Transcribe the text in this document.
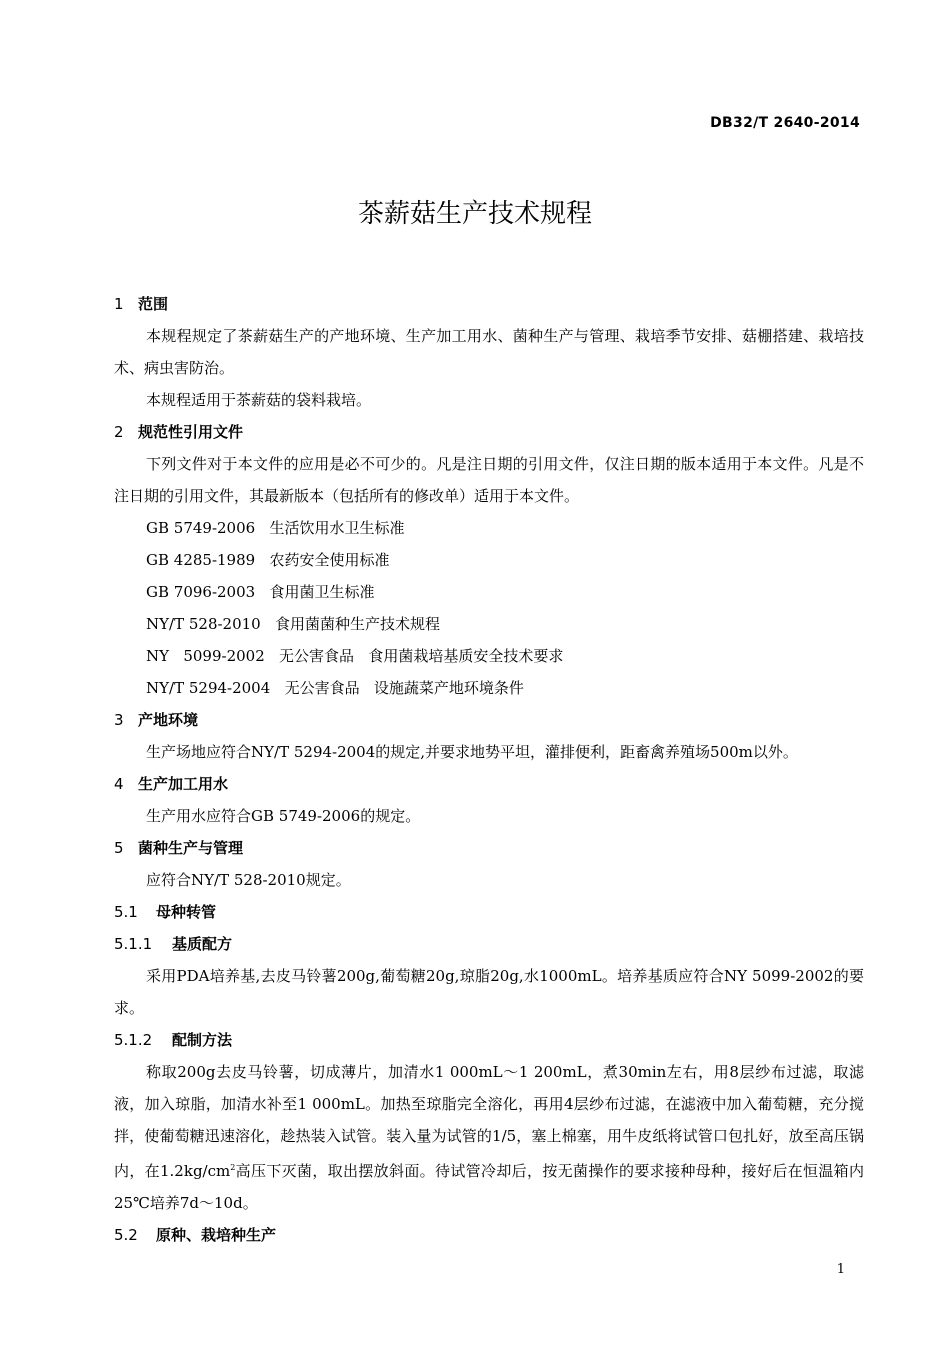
DB32/T 2640-2014
茶薪菇生产技术规程
1 范围
本规程规定了茶薪菇生产的产地环境、生产加工用水、菌种生产与管理、栽培季节安排、菇棚搭建、栽培技术、病虫害防治。
本规程适用于茶薪菇的袋料栽培。
2 规范性引用文件
下列文件对于本文件的应用是必不可少的。凡是注日期的引用文件，仅注日期的版本适用于本文件。凡是不注日期的引用文件，其最新版本（包括所有的修改单）适用于本文件。
GB 5749-2006   生活饮用水卫生标准
GB 4285-1989   农药安全使用标准
GB 7096-2003   食用菌卫生标准
NY/T 528-2010   食用菌菌种生产技术规程
NY   5099-2002   无公害食品   食用菌栽培基质安全技术要求
NY/T 5294-2004   无公害食品   设施蔬菜产地环境条件
3 产地环境
生产场地应符合NY/T 5294-2004的规定,并要求地势平坦，灌排便利，距畜禽养殖场500m以外。
4 生产加工用水
生产用水应符合GB 5749-2006的规定。
5 菌种生产与管理
应符合NY/T 528-2010规定。
5.1 母种转管
5.1.1 基质配方
采用PDA培养基,去皮马铃薯200g,葡萄糖20g,琼脂20g,水1000mL。培养基质应符合NY 5099-2002的要求。
5.1.2 配制方法
称取200g去皮马铃薯，切成薄片，加清水1 000mL～1 200mL，煮30min左右，用8层纱布过滤，取滤液，加入琼脂，加清水补至1 000mL。加热至琼脂完全溶化，再用4层纱布过滤，在滤液中加入葡萄糖，充分搅拌，使葡萄糖迅速溶化，趁热装入试管。装入量为试管的1/5，塞上棉塞，用牛皮纸将试管口包扎好，放至高压锅内，在$1.2kg/cm^2$高压下灭菌，取出摆放斜面。待试管冷却后，按无菌操作的要求接种母种，接好后在恒温箱内25℃培养7d～10d。
5.2 原种、栽培种生产
1
